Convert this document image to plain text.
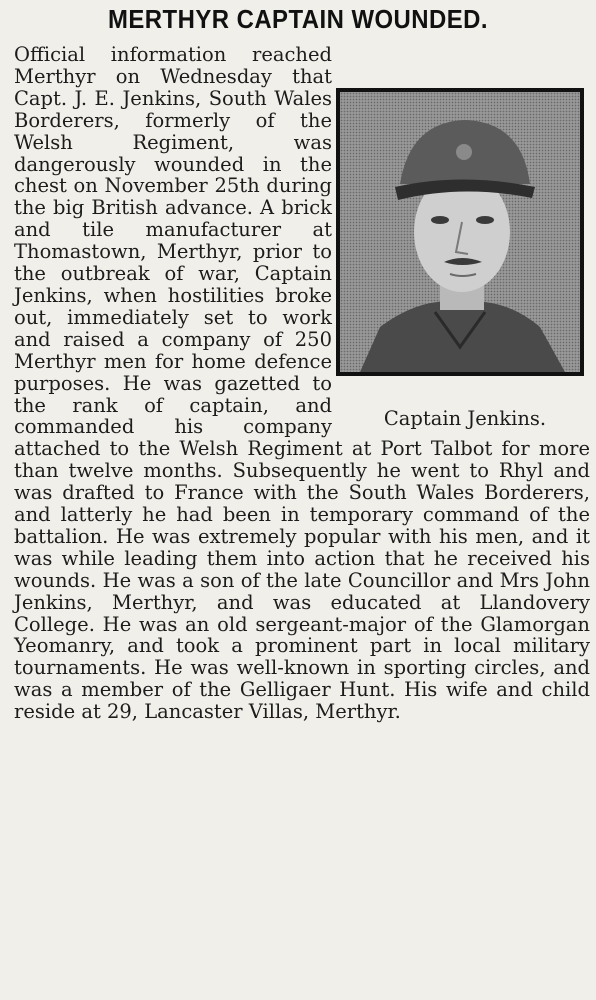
MERTHYR CAPTAIN WOUNDED.
Captain Jenkins.

Official information reached Merthyr on Wednesday that Capt. J. E. Jenkins, South Wales Borderers, formerly of the Welsh Regiment, was dangerously wounded in the chest on November 25th during the big British advance. A brick and tile manufacturer at Thomastown, Merthyr, prior to the outbreak of war, Captain Jenkins, when hostilities broke out, immediately set to work and raised a company of 250 Merthyr men for home defence purposes. He was gazetted to the rank of captain, and commanded his company attached to the Welsh Regiment at Port Talbot for more than twelve months. Subsequently he went to Rhyl and was drafted to France with the South Wales Borderers, and latterly he had been in temporary command of the battalion. He was extremely popular with his men, and it was while leading them into action that he received his wounds. He was a son of the late Councillor and Mrs John Jenkins, Merthyr, and was educated at Llandovery College. He was an old sergeant-major of the Glamorgan Yeomanry, and took a prominent part in local military tournaments. He was well-known in sporting circles, and was a member of the Gelligaer Hunt. His wife and child reside at 29, Lancaster Villas, Merthyr.
